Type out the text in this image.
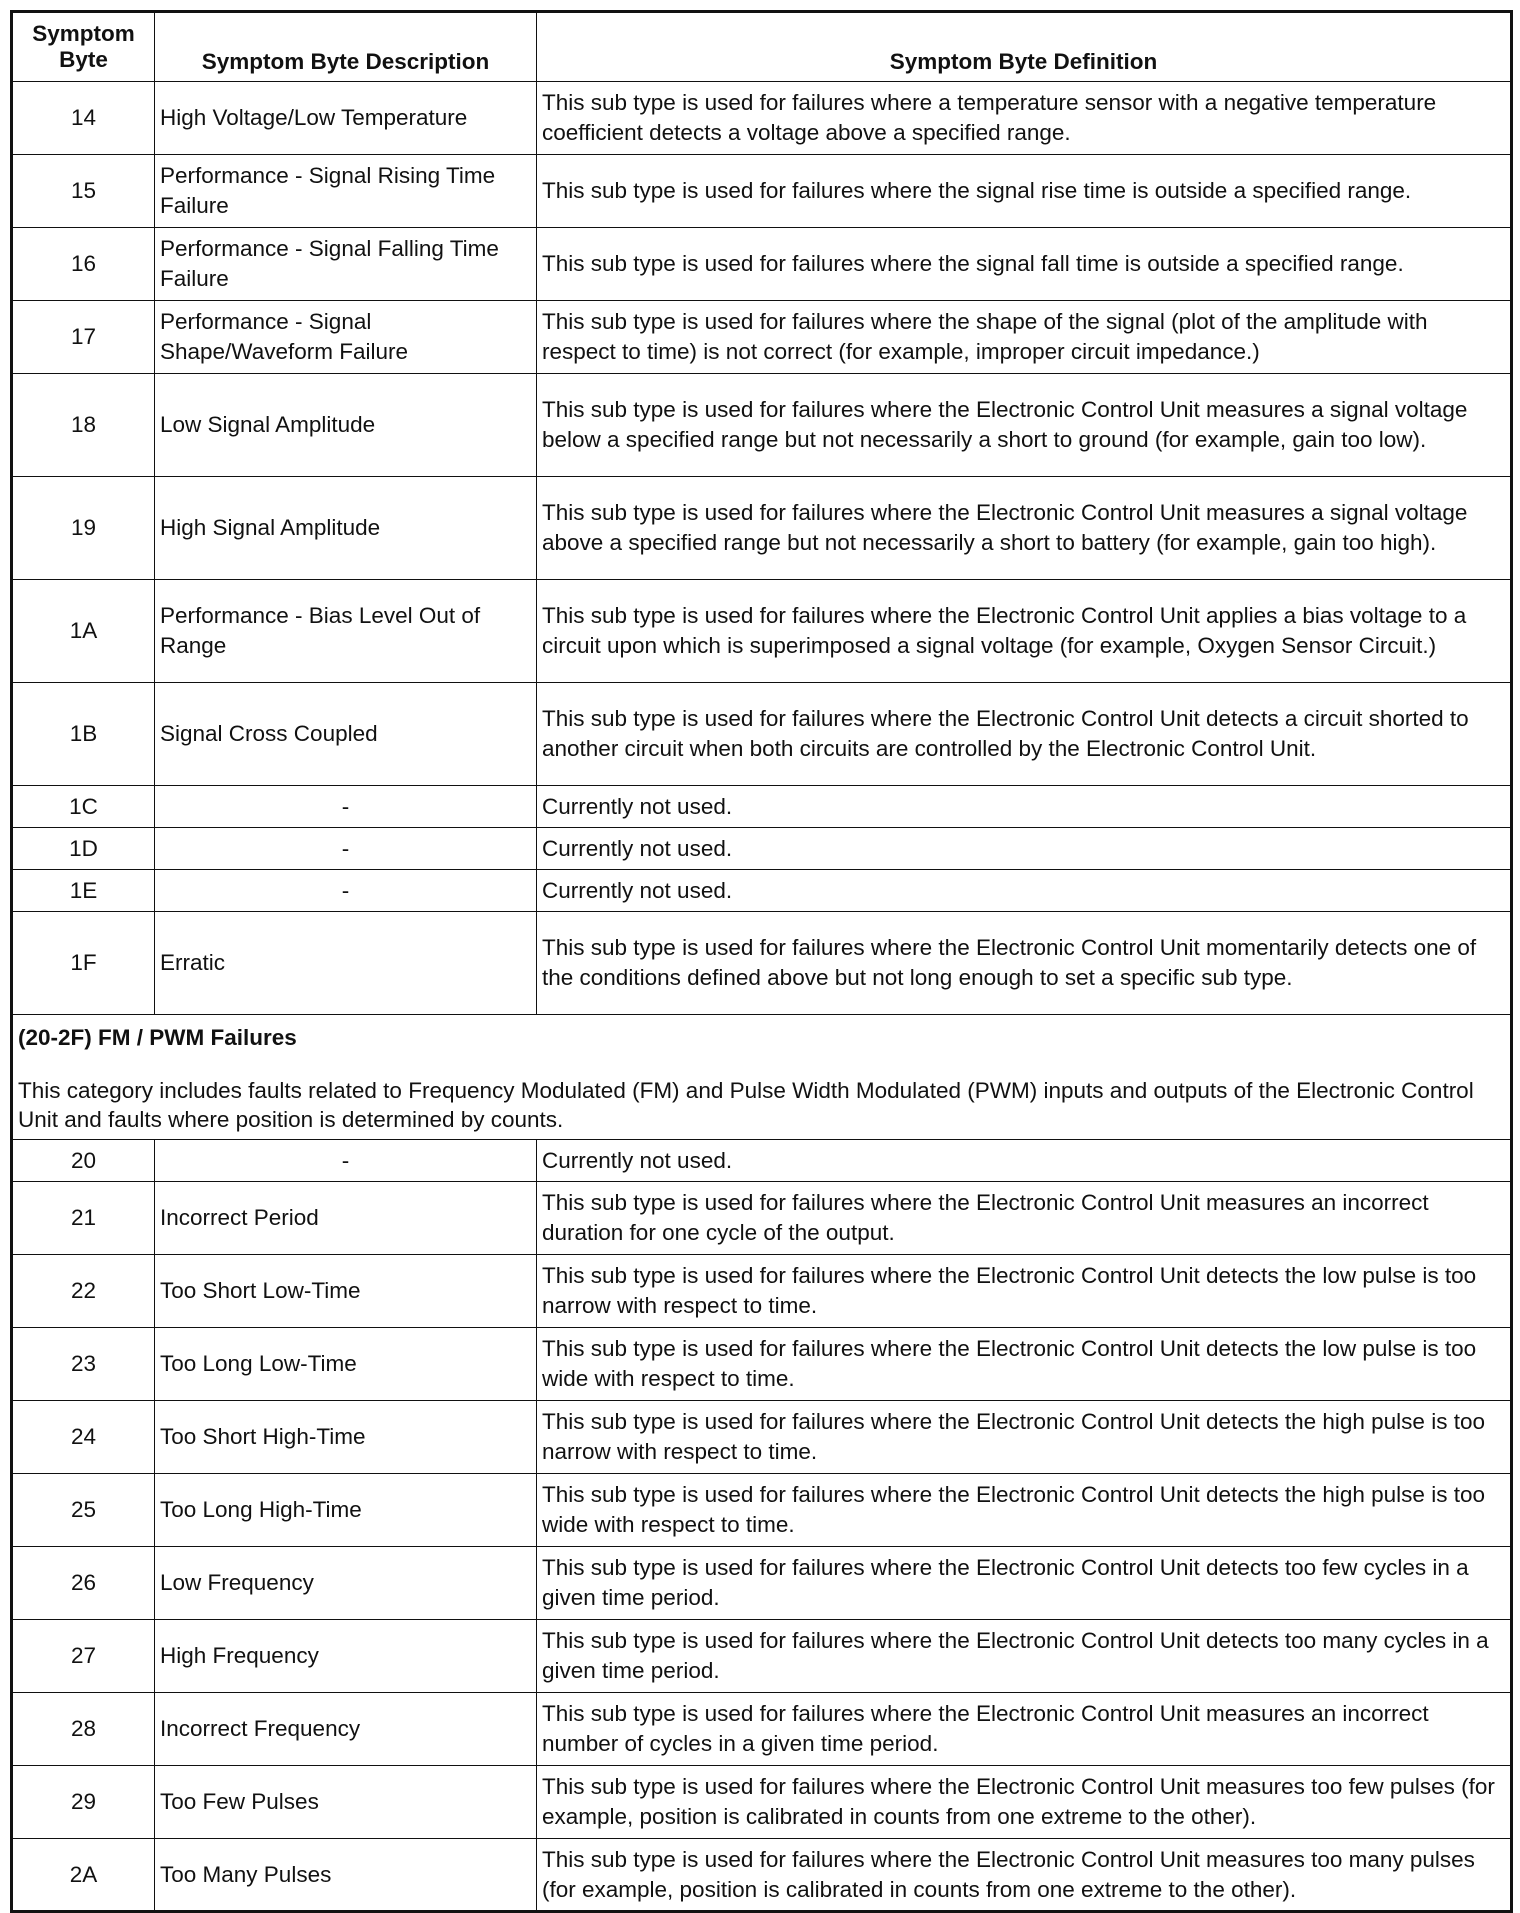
Symptom Byte	Symptom Byte Description	Symptom Byte Definition
14	High Voltage/Low Temperature	This sub type is used for failures where a temperature sensor with a negative temperature coefficient detects a voltage above a specified range.
15	Performance - Signal Rising Time Failure	This sub type is used for failures where the signal rise time is outside a specified range.
16	Performance - Signal Falling Time Failure	This sub type is used for failures where the signal fall time is outside a specified range.
17	Performance - Signal Shape/Waveform Failure	This sub type is used for failures where the shape of the signal (plot of the amplitude with respect to time) is not correct (for example, improper circuit impedance.)
18	Low Signal Amplitude	This sub type is used for failures where the Electronic Control Unit measures a signal voltage below a specified range but not necessarily a short to ground (for example, gain too low).
19	High Signal Amplitude	This sub type is used for failures where the Electronic Control Unit measures a signal voltage above a specified range but not necessarily a short to battery (for example, gain too high).
1A	Performance - Bias Level Out of Range	This sub type is used for failures where the Electronic Control Unit applies a bias voltage to a circuit upon which is superimposed a signal voltage (for example, Oxygen Sensor Circuit.)
1B	Signal Cross Coupled	This sub type is used for failures where the Electronic Control Unit detects a circuit shorted to another circuit when both circuits are controlled by the Electronic Control Unit.
1C	-	Currently not used.
1D	-	Currently not used.
1E	-	Currently not used.
1F	Erratic	This sub type is used for failures where the Electronic Control Unit momentarily detects one of the conditions defined above but not long enough to set a specific sub type.

(20-2F) FM / PWM Failures
This category includes faults related to Frequency Modulated (FM) and Pulse Width Modulated (PWM) inputs and outputs of the Electronic Control Unit and faults where position is determined by counts.		

20	-	Currently not used.
21	Incorrect Period	This sub type is used for failures where the Electronic Control Unit measures an incorrect duration for one cycle of the output.
22	Too Short Low-Time	This sub type is used for failures where the Electronic Control Unit detects the low pulse is too narrow with respect to time.
23	Too Long Low-Time	This sub type is used for failures where the Electronic Control Unit detects the low pulse is too wide with respect to time.
24	Too Short High-Time	This sub type is used for failures where the Electronic Control Unit detects the high pulse is too narrow with respect to time.
25	Too Long High-Time	This sub type is used for failures where the Electronic Control Unit detects the high pulse is too wide with respect to time.
26	Low Frequency	This sub type is used for failures where the Electronic Control Unit detects too few cycles in a given time period.
27	High Frequency	This sub type is used for failures where the Electronic Control Unit detects too many cycles in a given time period.
28	Incorrect Frequency	This sub type is used for failures where the Electronic Control Unit measures an incorrect number of cycles in a given time period.
29	Too Few Pulses	This sub type is used for failures where the Electronic Control Unit measures too few pulses (for example, position is calibrated in counts from one extreme to the other).
2A	Too Many Pulses	This sub type is used for failures where the Electronic Control Unit measures too many pulses (for example, position is calibrated in counts from one extreme to the other).
